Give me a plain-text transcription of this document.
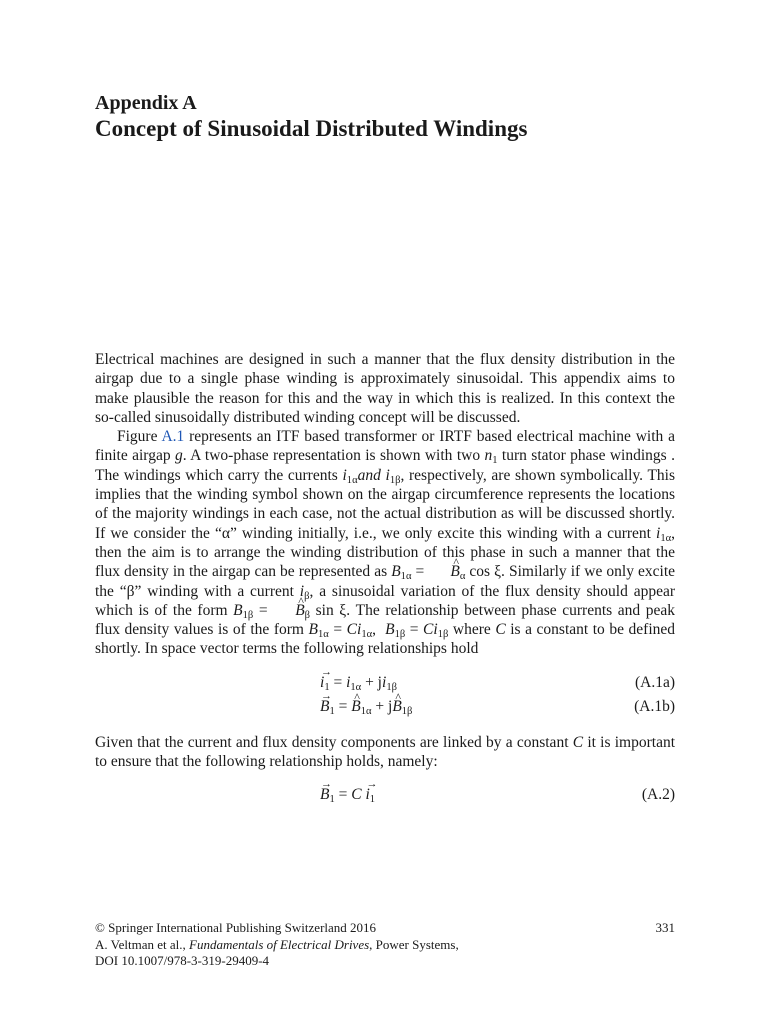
Appendix A
Concept of Sinusoidal Distributed Windings

Electrical machines are designed in such a manner that the flux density distribution in the airgap due to a single phase winding is approximately sinusoidal. This appendix aims to make plausible the reason for this and the way in which this is realized. In this context the so-called sinusoidally distributed winding concept will be discussed.

Figure A.1 represents an ITF based transformer or IRTF based electrical machine with a finite airgap g. A two-phase representation is shown with two $n_1$ turn stator phase windings . The windings which carry the currents $i_{1\alpha}and$ $i_{1\beta}$, respectively, are shown symbolically. This implies that the winding symbol shown on the airgap circumference represents the locations of the majority windings in each case, not the actual distribution as will be discussed shortly. If we consider the “α” winding initially, i.e., we only excite this winding with a current $i_{1\alpha}$, then the aim is to arrange the winding distribution of this phase in such a manner that the flux density in the airgap can be represented as $B_{1\alpha}$ = ^ $B_\alpha$ cos ξ. Similarly if we only excite the “β” winding with a current $i_\beta$, a sinusoidal variation of the flux density should appear which is of the form $B_{1\beta}$ = ^ $B_\beta$ sin ξ. The relationship between phase currents and peak flux density values is of the form $B_{1\alpha} = Ci_{1\alpha}$,  $B_{1\beta} = Ci_{1\beta}$ where C is a constant to be defined shortly. In space vector terms the following relationships hold

→ $i_1 = i_{1\alpha} + ji_{1\beta}$	(A.1a)
→ $B_1$ = ^ $B_{1\alpha}$ + j^ $B_{1\beta}$	(A.1b)

Given that the current and flux density components are linked by a constant C it is important to ensure that the following relationship holds, namely:

→ $B_1 = C \to i_1$	(A.2)
© Springer International Publishing Switzerland 2016
A. Veltman et al., Fundamentals of Electrical Drives, Power Systems,
DOI 10.1007/978-3-319-29409-4
331
